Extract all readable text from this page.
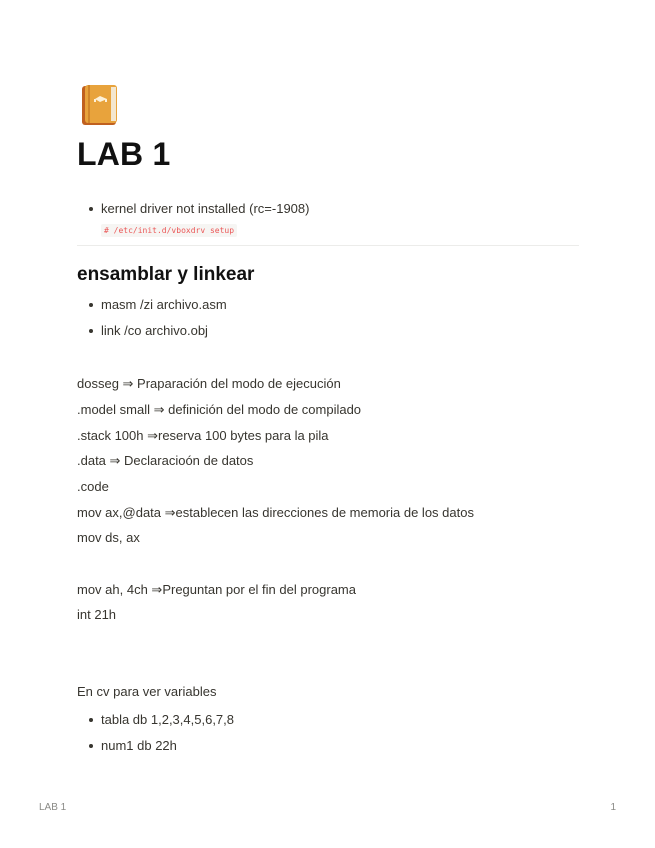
LAB 1
kernel driver not installed (rc=-1908)
# /etc/init.d/vboxdrv setup
ensamblar y linkear
masm /zi archivo.asm
link /co archivo.obj
dosseg ⇒ Praparación del modo de ejecución
.model small ⇒ definición del modo de compilado
.stack 100h ⇒reserva 100 bytes para la pila
.data ⇒ Declaracioón de datos
.code
mov ax,@data ⇒establecen las direcciones de memoria de los datos
mov ds, ax
mov ah, 4ch ⇒Preguntan por el fin del programa
int 21h
En cv para ver variables
tabla db 1,2,3,4,5,6,7,8
num1 db 22h
LAB 1	1
